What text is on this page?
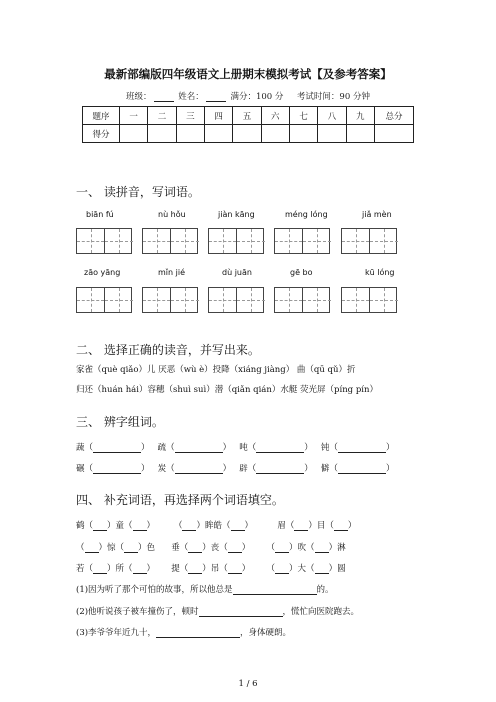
最新部编版四年级语文上册期末模拟考试【及参考答案】
班级：	姓名：	满分：100 分 考试时间：90 分钟
题序	一	二	三	四	五	六	七	八	九	总分
得分										
一、 读拼音，写词语。
biān fú	nù hǒu	jiàn kāng	méng lóng	jiǎ mèn
zāo yāng	mǐn jié	dù juān	gē bo	kū lóng
二、 选择正确的读音，并写出来。
家雀（què qiǎo）儿 厌恶（wù è）投降（xiáng jiàng） 曲（qū qǔ）折
归还（huán hái）容穗（shuì suì）潜（qiǎn qián）水艇 荧光屏（píng pín）
三、 辨字组词。
蔬（	） 疏（	） 吨（	） 钝（	）
碾（	） 炭（	） 辟（	） 僻（	）
四、 补充词语，再选择两个词语填空。
鹤（ ）童（ ） （ ）眸皓（ ）	眉（ ）目（ ）
（ ）惊（ ）色 垂（ ）丧（ ） （ ）吹（ ）淋
若（ ）所（ ） 提（ ）吊（ ） （ ）大（ ）圆
(1)因为听了那个可怕的故事，所以他总是	的。
(2)他听说孩子被车撞伤了，顿时	，慌忙向医院跑去。
(3)李爷爷年近九十，	，身体硬朗。
1 / 6
